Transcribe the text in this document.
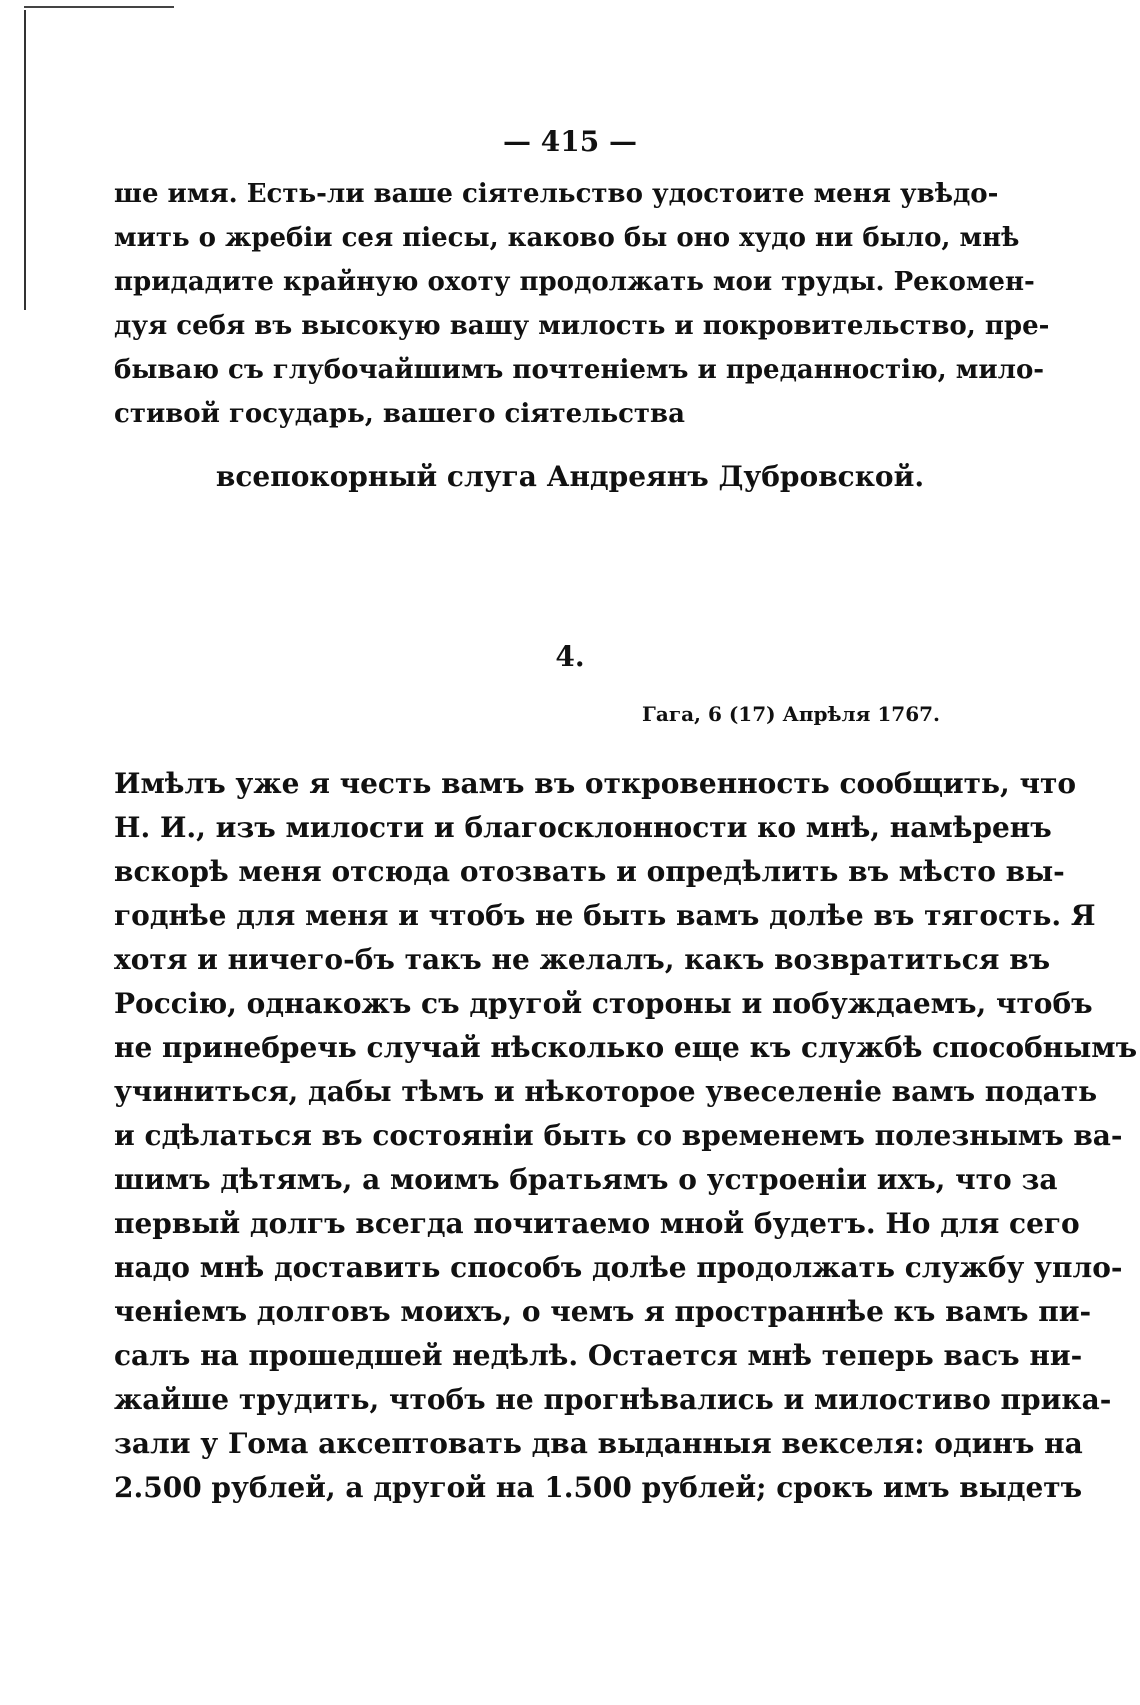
— 415 —
ше имя. Есть-ли ваше сіятельство удостоите меня увѣдо-
мить о жребіи сея піесы, каково бы оно худо ни было, мнѣ
придадите крайную охоту продолжать мои труды. Рекомен-
дуя себя въ высокую вашу милость и покровительство, пре-
бываю съ глубочайшимъ почтеніемъ и преданностію, мило-
стивой государь, вашего сіятельства
всепокорный слуга Андреянъ Дубровской.
4.
Гага, 6 (17) Апрѣля 1767.
Имѣлъ уже я честь вамъ въ откровенность сообщить, что
Н. И., изъ милости и благосклонности ко мнѣ, намѣренъ
вскорѣ меня отсюда отозвать и опредѣлить въ мѣсто вы-
годнѣе для меня и чтобъ не быть вамъ долѣе въ тягость. Я
хотя и ничего-бъ такъ не желалъ, какъ возвратиться въ
Россію, однакожъ съ другой стороны и побуждаемъ, чтобъ
не принебречь случай нѣсколько еще къ службѣ способнымъ
учиниться, дабы тѣмъ и нѣкоторое увеселеніе вамъ подать
и сдѣлаться въ состояніи быть со временемъ полезнымъ ва-
шимъ дѣтямъ, а моимъ братьямъ о устроеніи ихъ, что за
первый долгъ всегда почитаемо мной будетъ. Но для сего
надо мнѣ доставить способъ долѣе продолжать службу упло-
ченіемъ долговъ моихъ, о чемъ я пространнѣе къ вамъ пи-
салъ на прошедшей недѣлѣ. Остается мнѣ теперь васъ ни-
жайше трудить, чтобъ не прогнѣвались и милостиво прика-
зали у Гома аксептовать два выданныя векселя: одинъ на
2.500 рублей, а другой на 1.500 рублей; срокъ имъ выдетъ
